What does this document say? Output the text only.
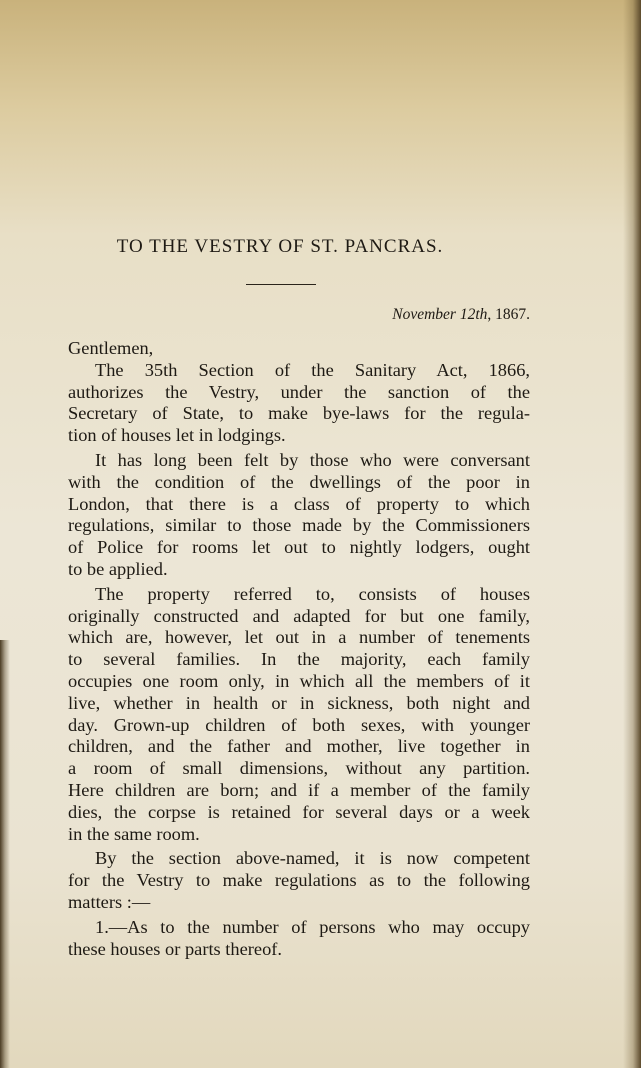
TO THE VESTRY OF ST. PANCRAS.
November 12th, 1867.
Gentlemen,
The 35th Section of the Sanitary Act, 1866,
authorizes the Vestry, under the sanction of the
Secretary of State, to make bye-laws for the regula-
tion of houses let in lodgings.
It has long been felt by those who were conversant
with the condition of the dwellings of the poor in
London, that there is a class of property to which
regulations, similar to those made by the Commissioners
of Police for rooms let out to nightly lodgers, ought
to be applied.
The property referred to, consists of houses
originally constructed and adapted for but one family,
which are, however, let out in a number of tenements
to several families. In the majority, each family
occupies one room only, in which all the members of it
live, whether in health or in sickness, both night and
day. Grown-up children of both sexes, with younger
children, and the father and mother, live together in
a room of small dimensions, without any partition.
Here children are born; and if a member of the family
dies, the corpse is retained for several days or a week
in the same room.
By the section above-named, it is now competent
for the Vestry to make regulations as to the following
matters :—
1.—As to the number of persons who may occupy
these houses or parts thereof.
